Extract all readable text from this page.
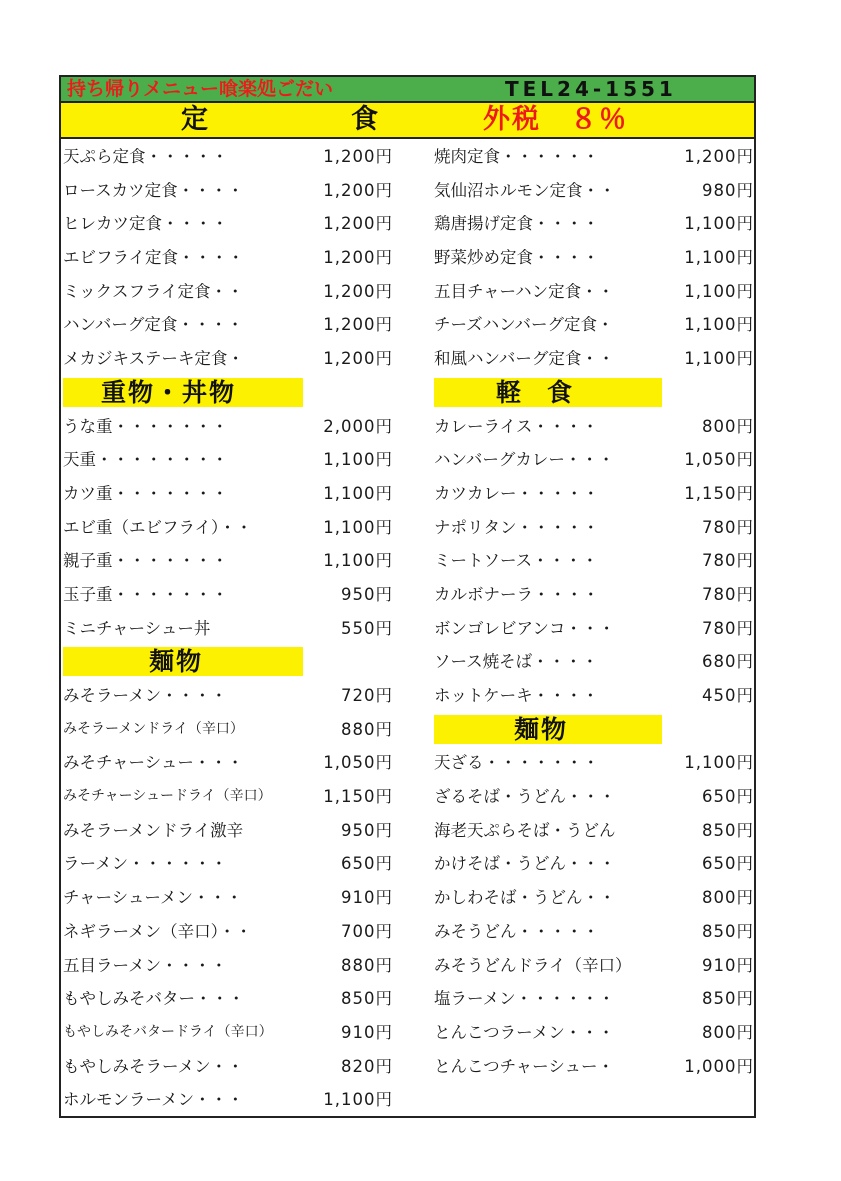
持ち帰りメニュー喰楽処ごだい	TEL24-1551
定　食 外税　８％
天ぷら定食・・・・・	1,200円
ロースカツ定食・・・・	1,200円
ヒレカツ定食・・・・	1,200円
エビフライ定食・・・・	1,200円
ミックスフライ定食・・	1,200円
ハンバーグ定食・・・・	1,200円
メカジキステーキ定食・	1,200円
重物・丼物
うな重・・・・・・・	2,000円
天重・・・・・・・・	1,100円
カツ重・・・・・・・	1,100円
エビ重（エビフライ）・・	1,100円
親子重・・・・・・・	1,100円
玉子重・・・・・・・	950円
ミニチャーシュー丼	550円
麺物
みそラーメン・・・・	720円
みそラーメンドライ（辛口）	880円
みそチャーシュー・・・	1,050円
みそチャーシュードライ（辛口）	1,150円
みそラーメンドライ激辛	950円
ラーメン・・・・・・	650円
チャーシューメン・・・	910円
ネギラーメン（辛口）・・	700円
五目ラーメン・・・・	880円
もやしみそバター・・・	850円
もやしみそバタードライ（辛口）	910円
もやしみそラーメン・・	820円
ホルモンラーメン・・・	1,100円
焼肉定食・・・・・・	1,200円
気仙沼ホルモン定食・・	980円
鶏唐揚げ定食・・・・	1,100円
野菜炒め定食・・・・	1,100円
五目チャーハン定食・・	1,100円
チーズハンバーグ定食・	1,100円
和風ハンバーグ定食・・	1,100円
軽食
カレーライス・・・・	800円
ハンバーグカレー・・・	1,050円
カツカレー・・・・・	1,150円
ナポリタン・・・・・	780円
ミートソース・・・・	780円
カルボナーラ・・・・	780円
ボンゴレビアンコ・・・	780円
ソース焼そば・・・・	680円
ホットケーキ・・・・	450円
麺物
天ざる・・・・・・・	1,100円
ざるそば・うどん・・・	650円
海老天ぷらそば・うどん	850円
かけそば・うどん・・・	650円
かしわそば・うどん・・	800円
みそうどん・・・・・	850円
みそうどんドライ（辛口）	910円
塩ラーメン・・・・・・	850円
とんこつラーメン・・・	800円
とんこつチャーシュー・	1,000円
